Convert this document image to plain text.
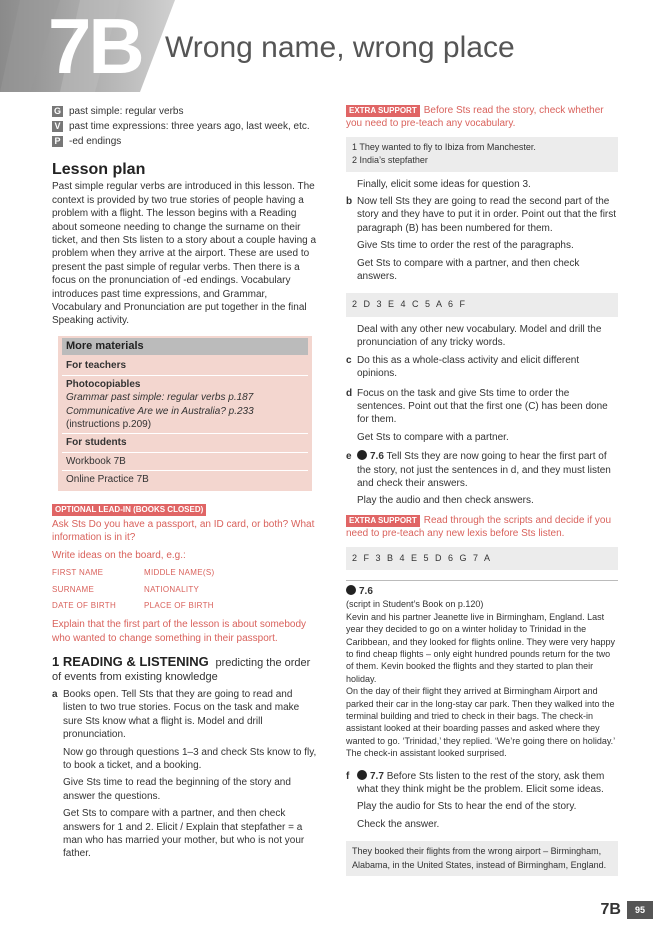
7B Wrong name, wrong place
G past simple: regular verbs
V past time expressions: three years ago, last week, etc.
P -ed endings
Lesson plan

Past simple regular verbs are introduced in this lesson. The context is provided by two true stories of people having a problem with a flight. The lesson begins with a Reading about someone needing to change the surname on their ticket, and then Sts listen to a story about a couple having a problem when they arrive at the airport. These are used to present the past simple of regular verbs. Then there is a focus on the pronunciation of -ed endings. Vocabulary introduces past time expressions, and Grammar, Vocabulary and Pronunciation are put together in the final Speaking activity.

More materials
For teachers
Photocopiables
Grammar past simple: regular verbs p.187
Communicative Are we in Australia? p.233
(instructions p.209)
For students
Workbook 7B
Online Practice 7B
OPTIONAL LEAD-IN (BOOKS CLOSED)

Ask Sts Do you have a passport, an ID card, or both? What information is in it?

Write ideas on the board, e.g.:

FIRST NAME	MIDDLE NAME(S)
SURNAME	NATIONALITY
DATE OF BIRTH	PLACE OF BIRTH

Explain that the first part of the lesson is about somebody who wanted to change something in their passport.

1 READING & LISTENING predicting the order of events from existing knowledge
a Books open. Tell Sts that they are going to read and listen to two true stories. Focus on the task and make sure Sts know what a flight is. Model and drill pronunciation.

Now go through questions 1–3 and check Sts know to fly, to book a ticket, and a booking.

Give Sts time to read the beginning of the story and answer the questions.

Get Sts to compare with a partner, and then check answers for 1 and 2. Elicit / Explain that stepfather = a man who has married your mother, but who is not your father.

EXTRA SUPPORT Before Sts read the story, check whether you need to pre-teach any vocabulary.

1 They wanted to fly to Ibiza from Manchester.
2 India’s stepfather

Finally, elicit some ideas for question 3.

b Now tell Sts they are going to read the second part of the story and they have to put it in order. Point out that the first paragraph (B) has been numbered for them.

Give Sts time to order the rest of the paragraphs.

Get Sts to compare with a partner, and then check answers.

2 D 3 E 4 C 5 A 6 F

Deal with any other new vocabulary. Model and drill the pronunciation of any tricky words.

c Do this as a whole-class activity and elicit different opinions.

d Focus on the task and give Sts time to order the sentences. Point out that the first one (C) has been done for them.

Get Sts to compare with a partner.

e	7.6 Tell Sts they are now going to hear the first part of the story, not just the sentences in d, and they must listen and check their answers.

Play the audio and then check answers.

EXTRA SUPPORT Read through the scripts and decide if you need to pre-teach any new lexis before Sts listen.

2 F 3 B 4 E 5 D 6 G 7 A
7.6
(script in Student’s Book on p.120)
Kevin and his partner Jeanette live in Birmingham, England. Last year they decided to go on a winter holiday to Trinidad in the Caribbean, and they looked for flights online. They were very happy to find cheap flights – only eight hundred pounds return for the two of them. Kevin booked the flights and they started to plan their holiday.
On the day of their flight they arrived at Birmingham Airport and parked their car in the long-stay car park. Then they walked into the terminal building and tried to check in their bags. The check-in assistant looked at their boarding passes and asked where they wanted to go. ‘Trinidad,’ they replied. ‘We’re going there on holiday.’ The check-in assistant looked surprised.
f	7.7 Before Sts listen to the rest of the story, ask them what they think might be the problem. Elicit some ideas.

Play the audio for Sts to hear the end of the story.

Check the answer.

They booked their flights from the wrong airport – Birmingham, Alabama, in the United States, instead of Birmingham, England.
7B	95
